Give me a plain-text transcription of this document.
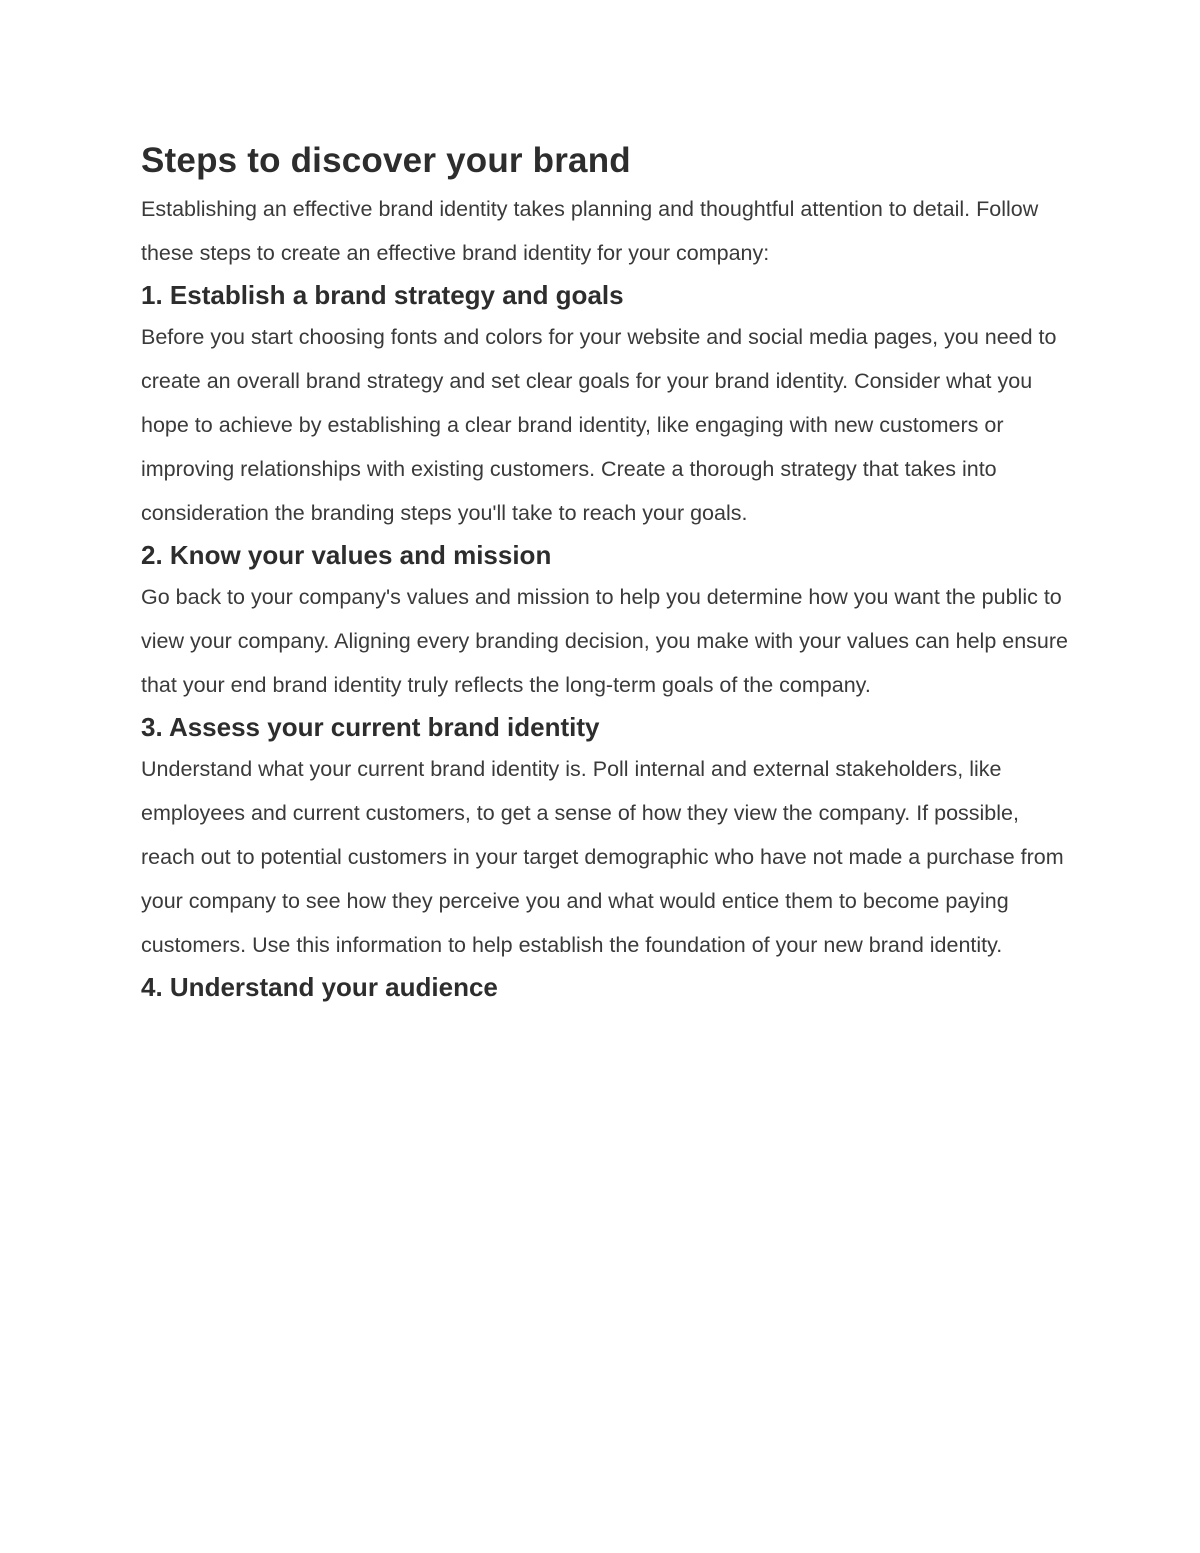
Steps to discover your brand

Establishing an effective brand identity takes planning and thoughtful attention to detail. Follow these steps to create an effective brand identity for your company:

1. Establish a brand strategy and goals

Before you start choosing fonts and colors for your website and social media pages, you need to create an overall brand strategy and set clear goals for your brand identity. Consider what you hope to achieve by establishing a clear brand identity, like engaging with new customers or improving relationships with existing customers. Create a thorough strategy that takes into consideration the branding steps you'll take to reach your goals.

2. Know your values and mission

Go back to your company's values and mission to help you determine how you want the public to view your company. Aligning every branding decision, you make with your values can help ensure that your end brand identity truly reflects the long-term goals of the company.

3. Assess your current brand identity

Understand what your current brand identity is. Poll internal and external stakeholders, like employees and current customers, to get a sense of how they view the company. If possible, reach out to potential customers in your target demographic who have not made a purchase from your company to see how they perceive you and what would entice them to become paying customers. Use this information to help establish the foundation of your new brand identity.

4. Understand your audience
